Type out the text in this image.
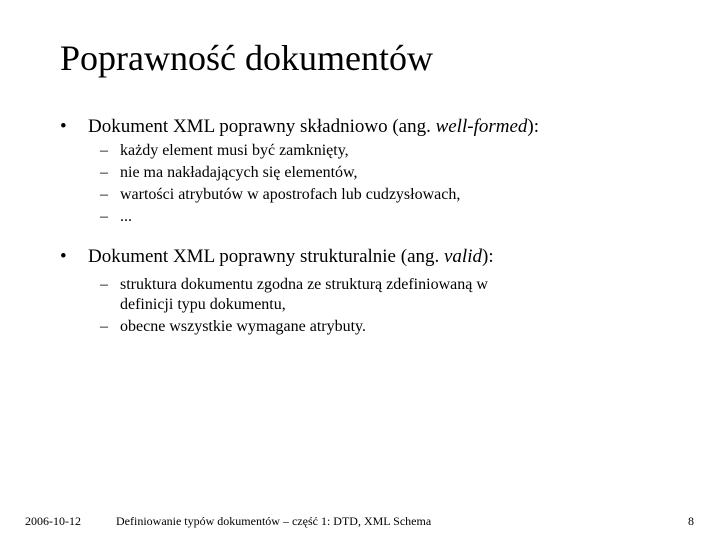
Poprawność dokumentów
• Dokument XML poprawny składniowo (ang. well-formed):
– każdy element musi być zamknięty,
– nie ma nakładających się elementów,
– wartości atrybutów w apostrofach lub cudzysłowach,
– ...
• Dokument XML poprawny strukturalnie (ang. valid):
– struktura dokumentu zgodna ze strukturą zdefiniowaną w definicji typu dokumentu,
– obecne wszystkie wymagane atrybuty.
2006-10-12	Definiowanie typów dokumentów – część 1: DTD, XML Schema	8
